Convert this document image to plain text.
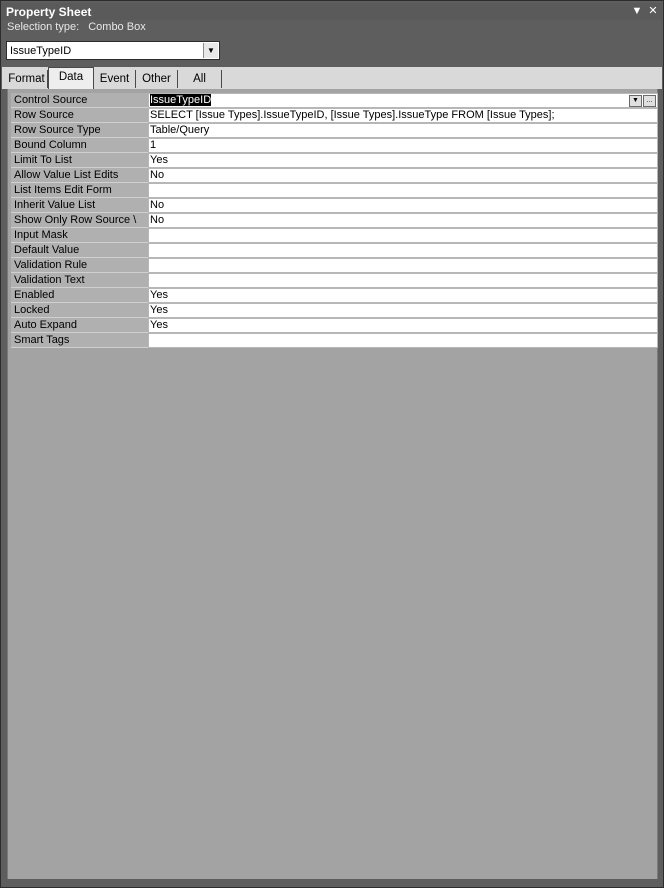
Property Sheet	▼ ✕
Selection type: Combo Box
IssueTypeID	▼
Format	Data	Event	Other	All
Control Source	IssueTypeID	▼ ...
Row Source	SELECT [Issue Types].IssueTypeID, [Issue Types].IssueType FROM [Issue Types];
Row Source Type	Table/Query
Bound Column	1
Limit To List	Yes
Allow Value List Edits	No
List Items Edit Form
Inherit Value List	No
Show Only Row Source \	No
Input Mask
Default Value
Validation Rule
Validation Text
Enabled	Yes
Locked	Yes
Auto Expand	Yes
Smart Tags
